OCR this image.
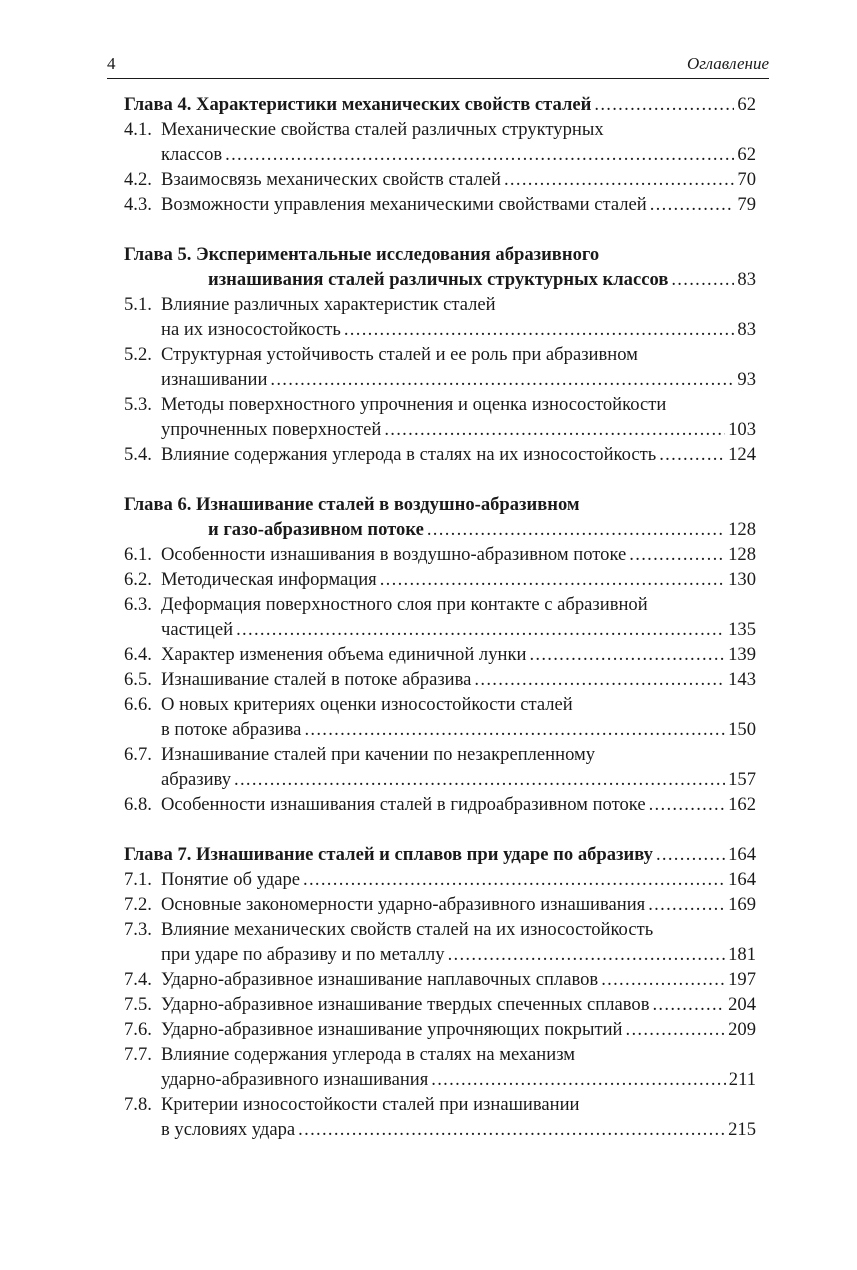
4	Оглавление
Глава 4. Характеристики механических свойств сталей .....	62
4.1. Механические свойства сталей различных структурных
классов .....	62
4.2. Взаимосвязь механических свойств сталей .....	70
4.3. Возможности управления механическими свойствами сталей .....	79
Глава 5. Экспериментальные исследования абразивного
изнашивания сталей различных структурных классов .....	83
5.1. Влияние различных характеристик сталей
на их износостойкость .....	83
5.2. Структурная устойчивость сталей и ее роль при абразивном
изнашивании .....	93
5.3. Методы поверхностного упрочнения и оценка износостойкости
упрочненных поверхностей .....	103
5.4. Влияние содержания углерода в сталях на их износостойкость .....	124
Глава 6. Изнашивание сталей в воздушно-абразивном
и газо-абразивном потоке .....	128
6.1. Особенности изнашивания в воздушно-абразивном потоке .....	128
6.2. Методическая информация .....	130
6.3. Деформация поверхностного слоя при контакте с абразивной
частицей .....	135
6.4. Характер изменения объема единичной лунки .....	139
6.5. Изнашивание сталей в потоке абразива .....	143
6.6. О новых критериях оценки износостойкости сталей
в потоке абразива .....	150
6.7. Изнашивание сталей при качении по незакрепленному
абразиву .....	157
6.8. Особенности изнашивания сталей в гидроабразивном потоке .....	162
Глава 7. Изнашивание сталей и сплавов при ударе по абразиву .....	164
7.1. Понятие об ударе .....	164
7.2. Основные закономерности ударно-абразивного изнашивания .....	169
7.3. Влияние механических свойств сталей на их износостойкость
при ударе по абразиву и по металлу .....	181
7.4. Ударно-абразивное изнашивание наплавочных сплавов .....	197
7.5. Ударно-абразивное изнашивание твердых спеченных сплавов .....	204
7.6. Ударно-абразивное изнашивание упрочняющих покрытий .....	209
7.7. Влияние содержания углерода в сталях на механизм
ударно-абразивного изнашивания .....	211
7.8. Критерии износостойкости сталей при изнашивании
в условиях удара .....	215
